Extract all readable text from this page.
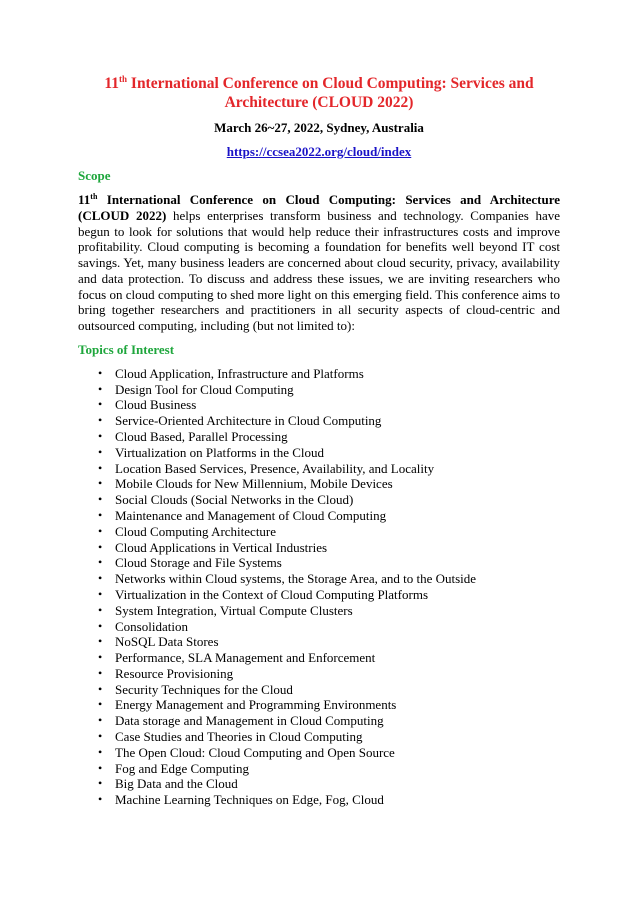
11th International Conference on Cloud Computing: Services and
Architecture (CLOUD 2022)
March 26~27, 2022, Sydney, Australia
https://ccsea2022.org/cloud/index
Scope

11th International Conference on Cloud Computing: Services and Architecture (CLOUD 2022) helps enterprises transform business and technology. Companies have begun to look for solutions that would help reduce their infrastructures costs and improve profitability. Cloud computing is becoming a foundation for benefits well beyond IT cost savings. Yet, many business leaders are concerned about cloud security, privacy, availability and data protection. To discuss and address these issues, we are inviting researchers who focus on cloud computing to shed more light on this emerging field. This conference aims to bring together researchers and practitioners in all security aspects of cloud-centric and outsourced computing, including (but not limited to):

Topics of Interest
• Cloud Application, Infrastructure and Platforms
• Design Tool for Cloud Computing
• Cloud Business
• Service-Oriented Architecture in Cloud Computing
• Cloud Based, Parallel Processing
• Virtualization on Platforms in the Cloud
• Location Based Services, Presence, Availability, and Locality
• Mobile Clouds for New Millennium, Mobile Devices
• Social Clouds (Social Networks in the Cloud)
• Maintenance and Management of Cloud Computing
• Cloud Computing Architecture
• Cloud Applications in Vertical Industries
• Cloud Storage and File Systems
• Networks within Cloud systems, the Storage Area, and to the Outside
• Virtualization in the Context of Cloud Computing Platforms
• System Integration, Virtual Compute Clusters
• Consolidation
• NoSQL Data Stores
• Performance, SLA Management and Enforcement
• Resource Provisioning
• Security Techniques for the Cloud
• Energy Management and Programming Environments
• Data storage and Management in Cloud Computing
• Case Studies and Theories in Cloud Computing
• The Open Cloud: Cloud Computing and Open Source
• Fog and Edge Computing
• Big Data and the Cloud
• Machine Learning Techniques on Edge, Fog, Cloud
